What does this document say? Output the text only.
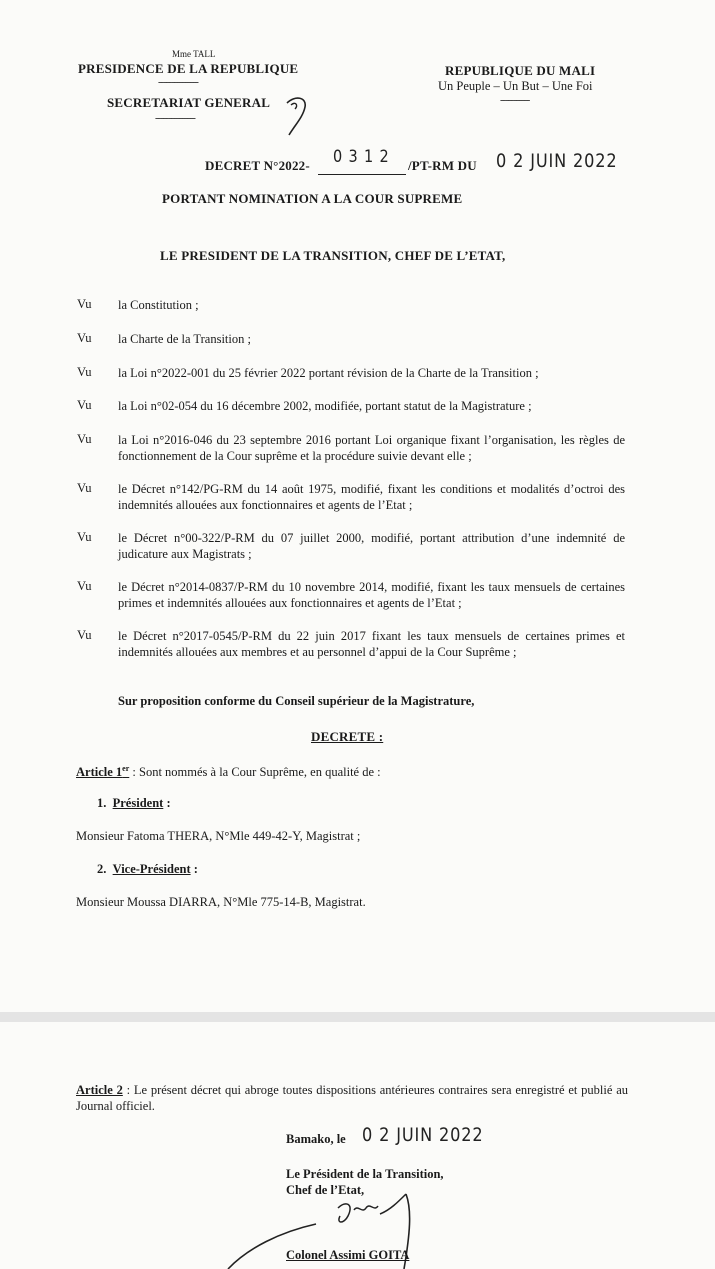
Mme TALL
PRESIDENCE DE LA REPUBLIQUE
---------------
SECRETARIAT GENERAL
---------------
REPUBLIQUE DU MALI
Un Peuple – Un But – Une Foi
-----------
DECRET N°2022- 0 3 1 2 /PT-RM DU 0 2 JUIN 2022
PORTANT NOMINATION A LA COUR SUPREME
LE PRESIDENT DE LA TRANSITION, CHEF DE L’ETAT,
Vu la Constitution ;
Vu la Charte de la Transition ;
Vu la Loi n°2022-001 du 25 février 2022 portant révision de la Charte de la Transition ;
Vu la Loi n°02-054 du 16 décembre 2002, modifiée, portant statut de la Magistrature ;
Vu la Loi n°2016-046 du 23 septembre 2016 portant Loi organique fixant l’organisation, les règles de fonctionnement de la Cour suprême et la procédure suivie devant elle ;
Vu le Décret n°142/PG-RM du 14 août 1975, modifié, fixant les conditions et modalités d’octroi des indemnités allouées aux fonctionnaires et agents de l’Etat ;
Vu le Décret n°00-322/P-RM du 07 juillet 2000, modifié, portant attribution d’une indemnité de judicature aux Magistrats ;
Vu le Décret n°2014-0837/P-RM du 10 novembre 2014, modifié, fixant les taux mensuels de certaines primes et indemnités allouées aux fonctionnaires et agents de l’Etat ;
Vu le Décret n°2017-0545/P-RM du 22 juin 2017 fixant les taux mensuels de certaines primes et indemnités allouées aux membres et au personnel d’appui de la Cour Suprême ;
Sur proposition conforme du Conseil supérieur de la Magistrature,
DECRETE :
Article 1er : Sont nommés à la Cour Suprême, en qualité de :
1. Président :
Monsieur Fatoma THERA, N°Mle 449-42-Y, Magistrat ;
2. Vice-Président :
Monsieur Moussa DIARRA, N°Mle 775-14-B, Magistrat.
Article 2 : Le présent décret qui abroge toutes dispositions antérieures contraires sera enregistré et publié au Journal officiel.
Bamako, le 0 2 JUIN 2022
Le Président de la Transition,
Chef de l’Etat,
Colonel Assimi GOITA
